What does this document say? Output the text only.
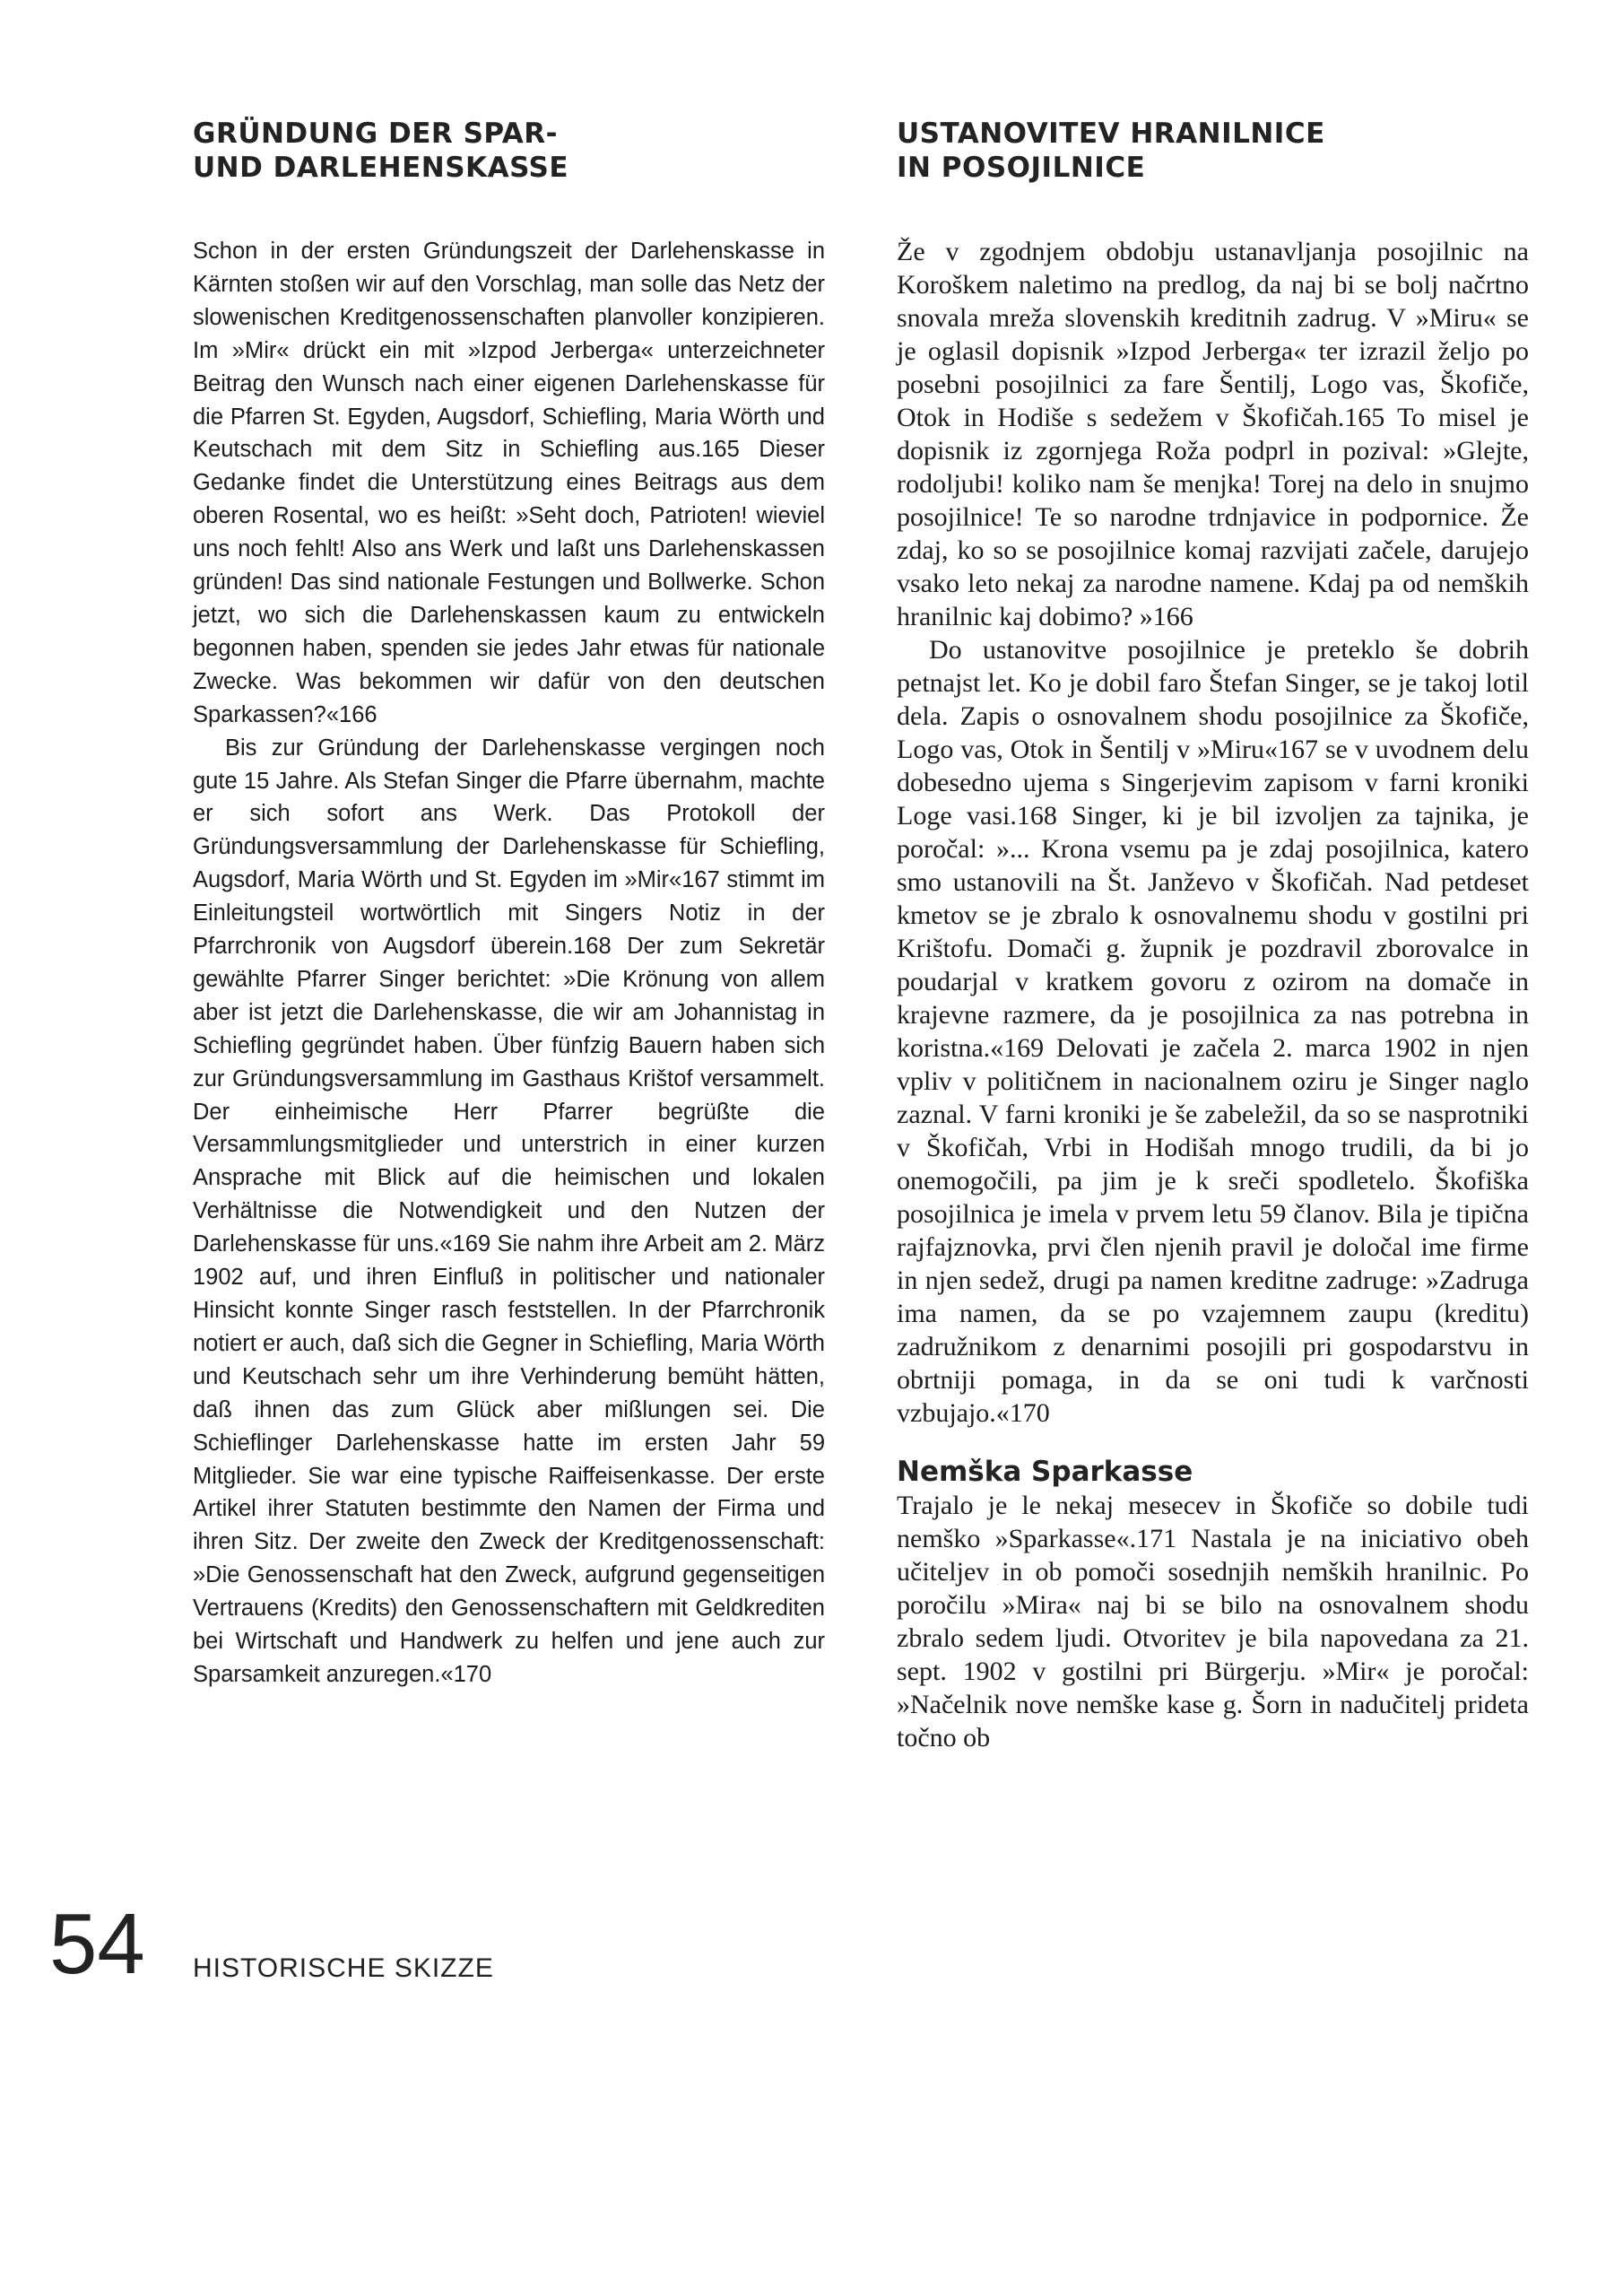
GRÜNDUNG DER SPAR-
UND DARLEHENSKASSE

Schon in der ersten Gründungszeit der Darlehenskasse in Kärnten stoßen wir auf den Vorschlag, man solle das Netz der slowenischen Kreditgenossenschaften planvoller konzipieren. Im »Mir« drückt ein mit »Izpod Jerberga« unterzeichneter Beitrag den Wunsch nach einer eigenen Darlehenskasse für die Pfarren St. Egyden, Augsdorf, Schiefling, Maria Wörth und Keutschach mit dem Sitz in Schiefling aus.165 Dieser Gedanke findet die Unterstützung eines Beitrags aus dem oberen Rosental, wo es heißt: »Seht doch, Patrioten! wieviel uns noch fehlt! Also ans Werk und laßt uns Darlehenskassen gründen! Das sind nationale Festungen und Bollwerke. Schon jetzt, wo sich die Darlehenskassen kaum zu entwickeln begonnen haben, spenden sie jedes Jahr etwas für nationale Zwecke. Was bekommen wir dafür von den deutschen Sparkassen?«166

Bis zur Gründung der Darlehenskasse vergingen noch gute 15 Jahre. Als Stefan Singer die Pfarre übernahm, machte er sich sofort ans Werk. Das Protokoll der Gründungsversammlung der Darlehenskasse für Schiefling, Augsdorf, Maria Wörth und St. Egyden im »Mir«167 stimmt im Einleitungsteil wortwörtlich mit Singers Notiz in der Pfarrchronik von Augsdorf überein.168 Der zum Sekretär gewählte Pfarrer Singer berichtet: »Die Krönung von allem aber ist jetzt die Darlehenskasse, die wir am Johannistag in Schiefling gegründet haben. Über fünfzig Bauern haben sich zur Gründungsversammlung im Gasthaus Krištof versammelt. Der einheimische Herr Pfarrer begrüßte die Versammlungsmitglieder und unterstrich in einer kurzen Ansprache mit Blick auf die heimischen und lokalen Verhältnisse die Notwendigkeit und den Nutzen der Darlehenskasse für uns.«169 Sie nahm ihre Arbeit am 2. März 1902 auf, und ihren Einfluß in politischer und nationaler Hinsicht konnte Singer rasch feststellen. In der Pfarrchronik notiert er auch, daß sich die Gegner in Schiefling, Maria Wörth und Keutschach sehr um ihre Verhinderung bemüht hätten, daß ihnen das zum Glück aber mißlungen sei. Die Schieflinger Darlehenskasse hatte im ersten Jahr 59 Mitglieder. Sie war eine typische Raiffeisenkasse. Der erste Artikel ihrer Statuten bestimmte den Namen der Firma und ihren Sitz. Der zweite den Zweck der Kreditgenossenschaft: »Die Genossenschaft hat den Zweck, aufgrund gegenseitigen Vertrauens (Kredits) den Genossenschaftern mit Geldkrediten bei Wirtschaft und Handwerk zu helfen und jene auch zur Sparsamkeit anzuregen.«170

USTANOVITEV HRANILNICE
IN POSOJILNICE

Že v zgodnjem obdobju ustanavljanja posojilnic na Koroškem naletimo na predlog, da naj bi se bolj načrtno snovala mreža slovenskih kreditnih zadrug. V »Miru« se je oglasil dopisnik »Izpod Jerberga« ter izrazil željo po posebni posojilnici za fare Šentilj, Logo vas, Škofiče, Otok in Hodiše s sedežem v Škofičah.165 To misel je dopisnik iz zgornjega Roža podprl in pozival: »Glejte, rodoljubi! koliko nam še menjka! Torej na delo in snujmo posojilnice! Te so narodne trdnjavice in podpornice. Že zdaj, ko so se posojilnice komaj razvijati začele, darujejo vsako leto nekaj za narodne namene. Kdaj pa od nemških hranilnic kaj dobimo? »166

Do ustanovitve posojilnice je preteklo še dobrih petnajst let. Ko je dobil faro Štefan Singer, se je takoj lotil dela. Zapis o osnovalnem shodu posojilnice za Škofiče, Logo vas, Otok in Šentilj v »Miru«167 se v uvodnem delu dobesedno ujema s Singerjevim zapisom v farni kroniki Loge vasi.168 Singer, ki je bil izvoljen za tajnika, je poročal: »... Krona vsemu pa je zdaj posojilnica, katero smo ustanovili na Št. Janževo v Škofičah. Nad petdeset kmetov se je zbralo k osnovalnemu shodu v gostilni pri Krištofu. Domači g. župnik je pozdravil zborovalce in poudarjal v kratkem govoru z ozirom na domače in krajevne razmere, da je posojilnica za nas potrebna in koristna.«169 Delovati je začela 2. marca 1902 in njen vpliv v političnem in nacionalnem oziru je Singer naglo zaznal. V farni kroniki je še zabeležil, da so se nasprotniki v Škofičah, Vrbi in Hodišah mnogo trudili, da bi jo onemogočili, pa jim je k sreči spodletelo. Škofiška posojilnica je imela v prvem letu 59 članov. Bila je tipična rajfajznovka, prvi člen njenih pravil je določal ime firme in njen sedež, drugi pa namen kreditne zadruge: »Zadruga ima namen, da se po vzajemnem zaupu (kreditu) zadružnikom z denarnimi posojili pri gospodarstvu in obrtniji pomaga, in da se oni tudi k varčnosti vzbujajo.«170

Nemška Sparkasse

Trajalo je le nekaj mesecev in Škofiče so dobile tudi nemško »Sparkasse«.171 Nastala je na iniciativo obeh učiteljev in ob pomoči sosednjih nemških hranilnic. Po poročilu »Mira« naj bi se bilo na osnovalnem shodu zbralo sedem ljudi. Otvoritev je bila napovedana za 21. sept. 1902 v gostilni pri Bürgerju. »Mir« je poročal: »Načelnik nove nemške kase g. Šorn in nadučitelj prideta točno ob

54 HISTORISCHE SKIZZE
